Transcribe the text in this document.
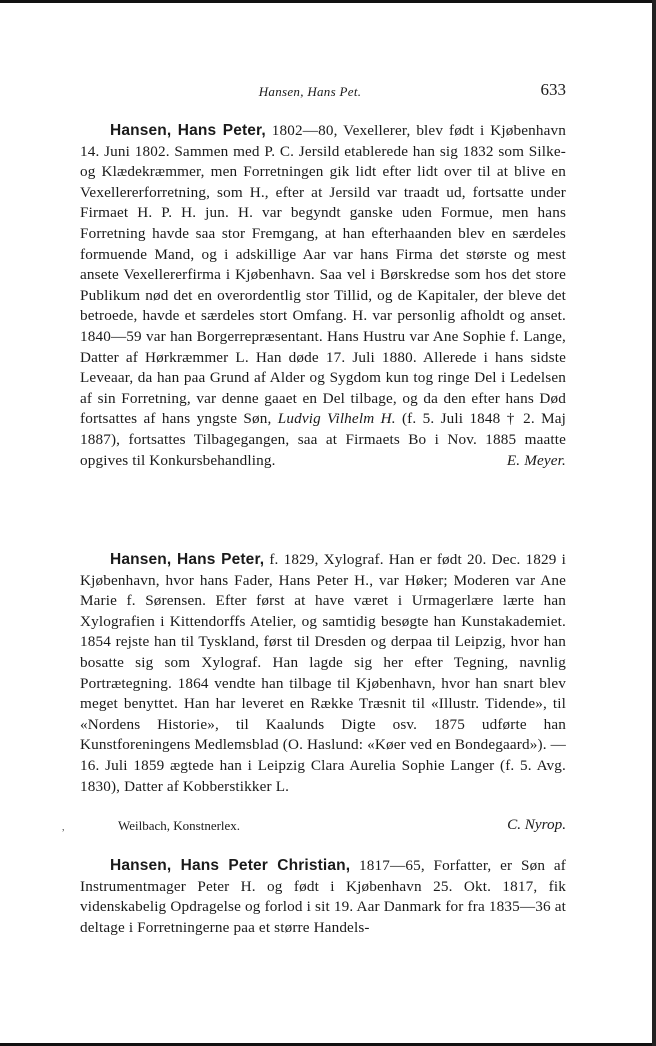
Hansen, Hans Pet.	633

Hansen, Hans Peter, 1802—80, Vexellerer, blev født i Kjøbenhavn 14. Juni 1802. Sammen med P. C. Jersild etablerede han sig 1832 som Silke- og Klædekræmmer, men Forretningen gik lidt efter lidt over til at blive en Vexellererforretning, som H., efter at Jersild var traadt ud, fortsatte under Firmaet H. P. H. jun. H. var begyndt ganske uden Formue, men hans Forretning havde saa stor Fremgang, at han efterhaanden blev en særdeles formuende Mand, og i adskillige Aar var hans Firma det største og mest ansete Vexellererfirma i Kjøbenhavn. Saa vel i Børskredse som hos det store Publikum nød det en overordentlig stor Tillid, og de Kapitaler, der bleve det betroede, havde et særdeles stort Omfang. H. var personlig afholdt og anset. 1840—59 var han Borgerrepræsentant. Hans Hustru var Ane Sophie f. Lange, Datter af Hørkræmmer L. Han døde 17. Juli 1880. Allerede i hans sidste Leveaar, da han paa Grund af Alder og Sygdom kun tog ringe Del i Ledelsen af sin Forretning, var denne gaaet en Del tilbage, og da den efter hans Død fortsattes af hans yngste Søn, Ludvig Vilhelm H. (f. 5. Juli 1848 † 2. Maj 1887), fortsattes Tilbagegangen, saa at Firmaets Bo i Nov. 1885 maatte opgives til Konkursbehandling.	E. Meyer.

Hansen, Hans Peter, f. 1829, Xylograf. Han er født 20. Dec. 1829 i Kjøbenhavn, hvor hans Fader, Hans Peter H., var Høker; Moderen var Ane Marie f. Sørensen. Efter først at have været i Urmagerlære lærte han Xylografien i Kittendorffs Atelier, og samtidig besøgte han Kunstakademiet. 1854 rejste han til Tyskland, først til Dresden og derpaa til Leipzig, hvor han bosatte sig som Xylograf. Han lagde sig her efter Tegning, navnlig Portrætegning. 1864 vendte han tilbage til Kjøbenhavn, hvor han snart blev meget benyttet. Han har leveret en Række Træsnit til «Illustr. Tidende», til «Nordens Historie», til Kaalunds Digte osv. 1875 udførte han Kunstforeningens Medlemsblad (O. Haslund: «Køer ved en Bondegaard»). — 16. Juli 1859 ægtede han i Leipzig Clara Aurelia Sophie Langer (f. 5. Avg. 1830), Datter af Kobberstikker L.

,	Weilbach, Konstnerlex.	C. Nyrop.

Hansen, Hans Peter Christian, 1817—65, Forfatter, er Søn af Instrumentmager Peter H. og født i Kjøbenhavn 25. Okt. 1817, fik videnskabelig Opdragelse og forlod i sit 19. Aar Danmark for fra 1835—36 at deltage i Forretningerne paa et større Handels-
